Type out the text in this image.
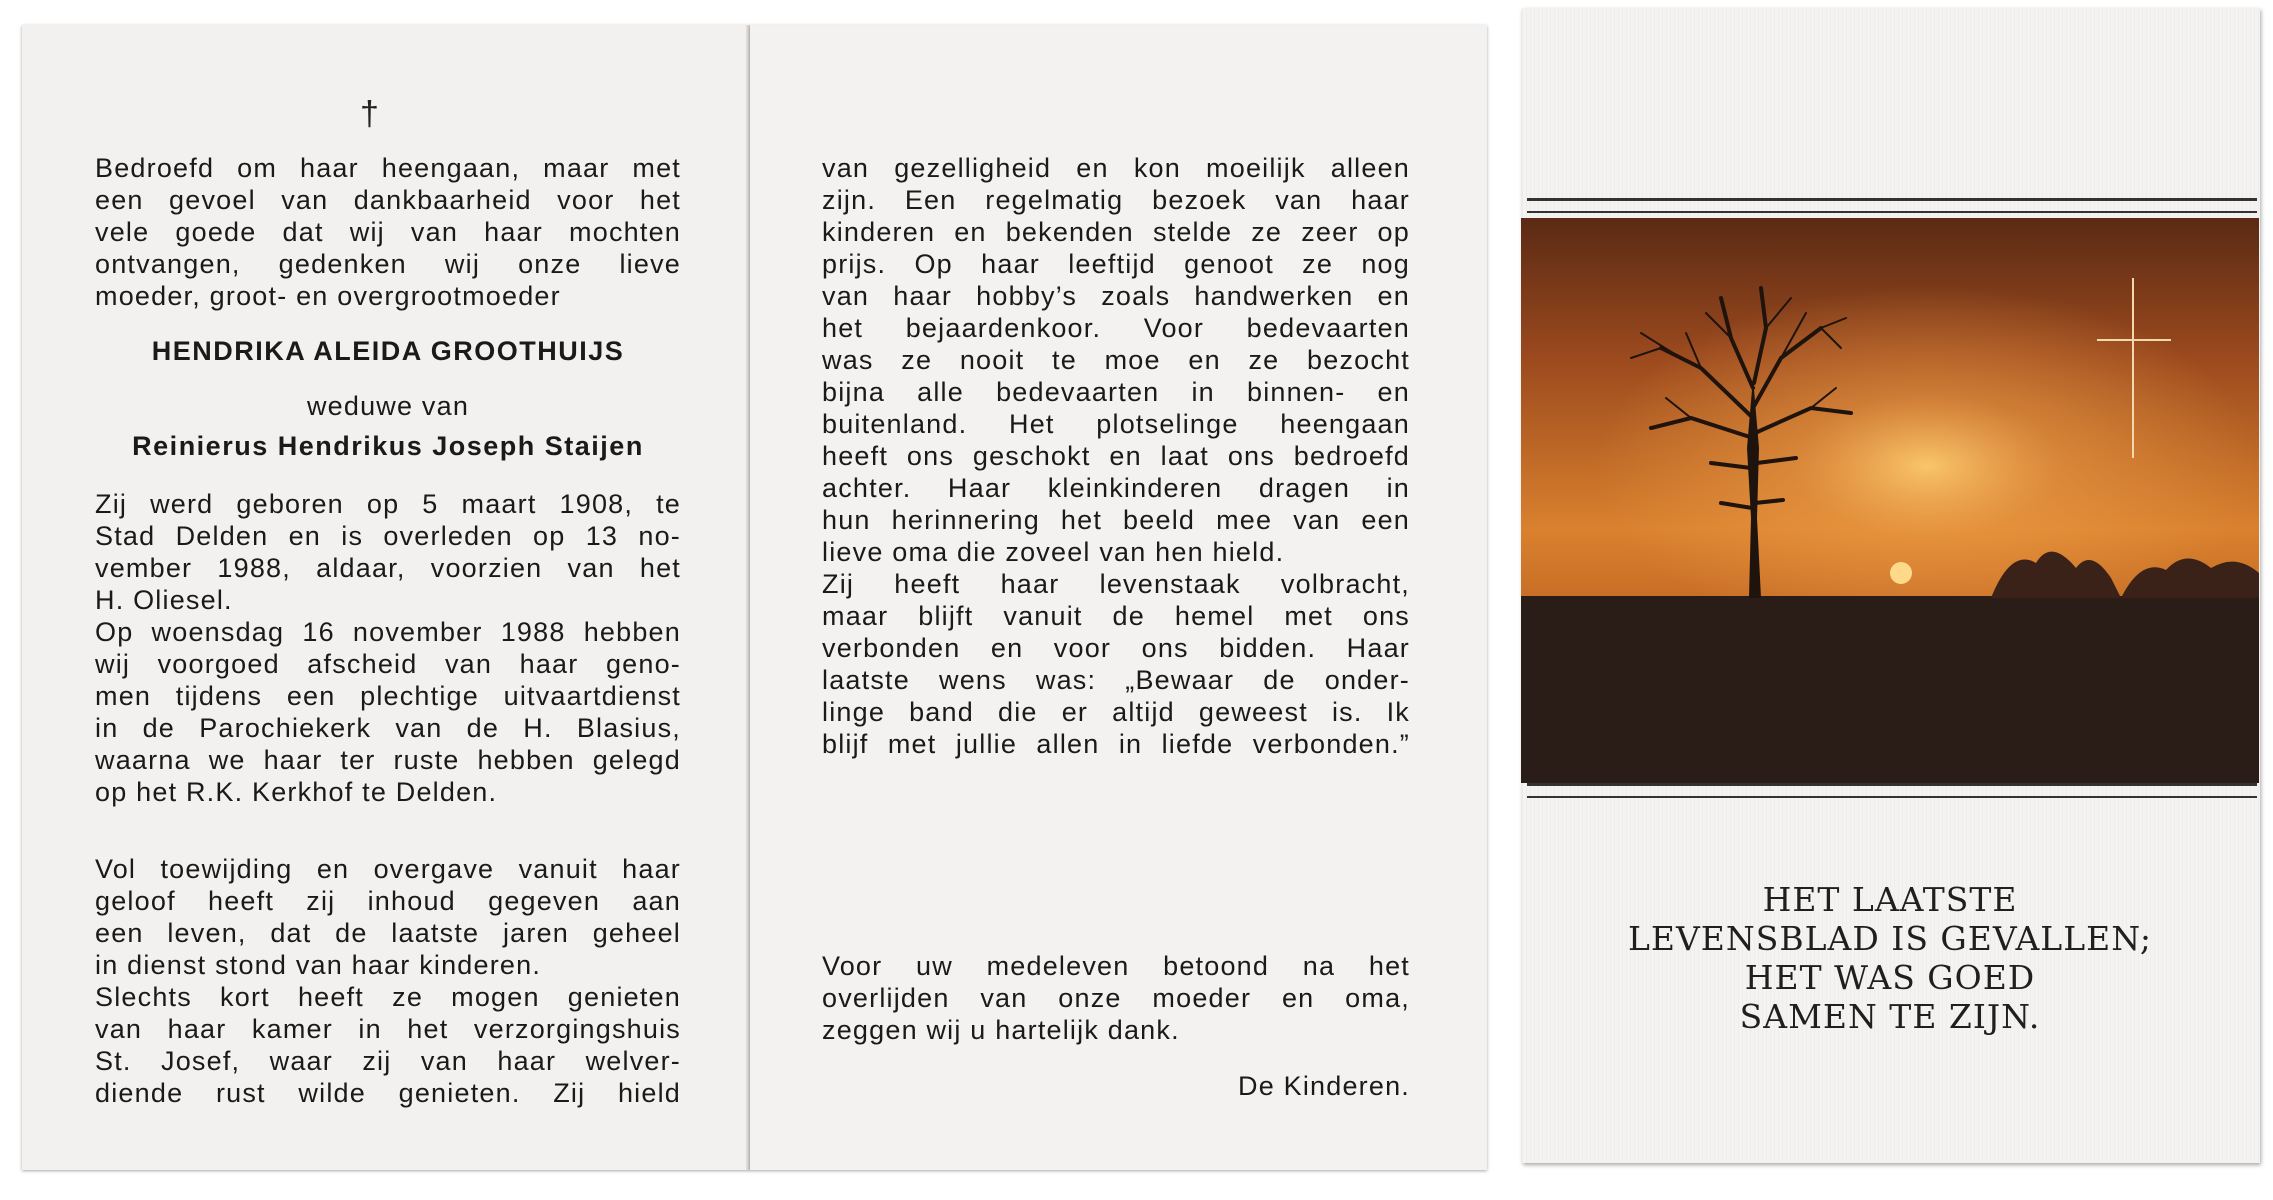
†

Bedroefd om haar heengaan, maar met

een gevoel van dankbaarheid voor het

vele goede dat wij van haar mochten

ontvangen, gedenken wij onze lieve

moeder, groot- en overgrootmoeder

HENDRIKA ALEIDA GROOTHUIJS
weduwe van
Reinierus Hendrikus Joseph Staijen

Zij werd geboren op 5 maart 1908, te

Stad Delden en is overleden op 13 no-

vember 1988, aldaar, voorzien van het

H. Oliesel.

Op woensdag 16 november 1988 hebben

wij voorgoed afscheid van haar geno-

men tijdens een plechtige uitvaartdienst

in de Parochiekerk van de H. Blasius,

waarna we haar ter ruste hebben gelegd

op het R.K. Kerkhof te Delden.

Vol toewijding en overgave vanuit haar

geloof heeft zij inhoud gegeven aan

een leven, dat de laatste jaren geheel

in dienst stond van haar kinderen.

Slechts kort heeft ze mogen genieten

van haar kamer in het verzorgingshuis

St. Josef, waar zij van haar welver-

diende rust wilde genieten. Zij hield

van gezelligheid en kon moeilijk alleen

zijn. Een regelmatig bezoek van haar

kinderen en bekenden stelde ze zeer op

prijs. Op haar leeftijd genoot ze nog

van haar hobby’s zoals handwerken en

het bejaardenkoor. Voor bedevaarten

was ze nooit te moe en ze bezocht

bijna alle bedevaarten in binnen- en

buitenland. Het plotselinge heengaan

heeft ons geschokt en laat ons bedroefd

achter. Haar kleinkinderen dragen in

hun herinnering het beeld mee van een

lieve oma die zoveel van hen hield.

Zij heeft haar levenstaak volbracht,

maar blijft vanuit de hemel met ons

verbonden en voor ons bidden. Haar

laatste wens was: „Bewaar de onder-

linge band die er altijd geweest is. Ik

blijf met jullie allen in liefde verbonden.”

Voor uw medeleven betoond na het

overlijden van onze moeder en oma,

zeggen wij u hartelijk dank.

De Kinderen.
HET LAATSTE
LEVENSBLAD IS GEVALLEN;
HET WAS GOED
SAMEN TE ZIJN.
